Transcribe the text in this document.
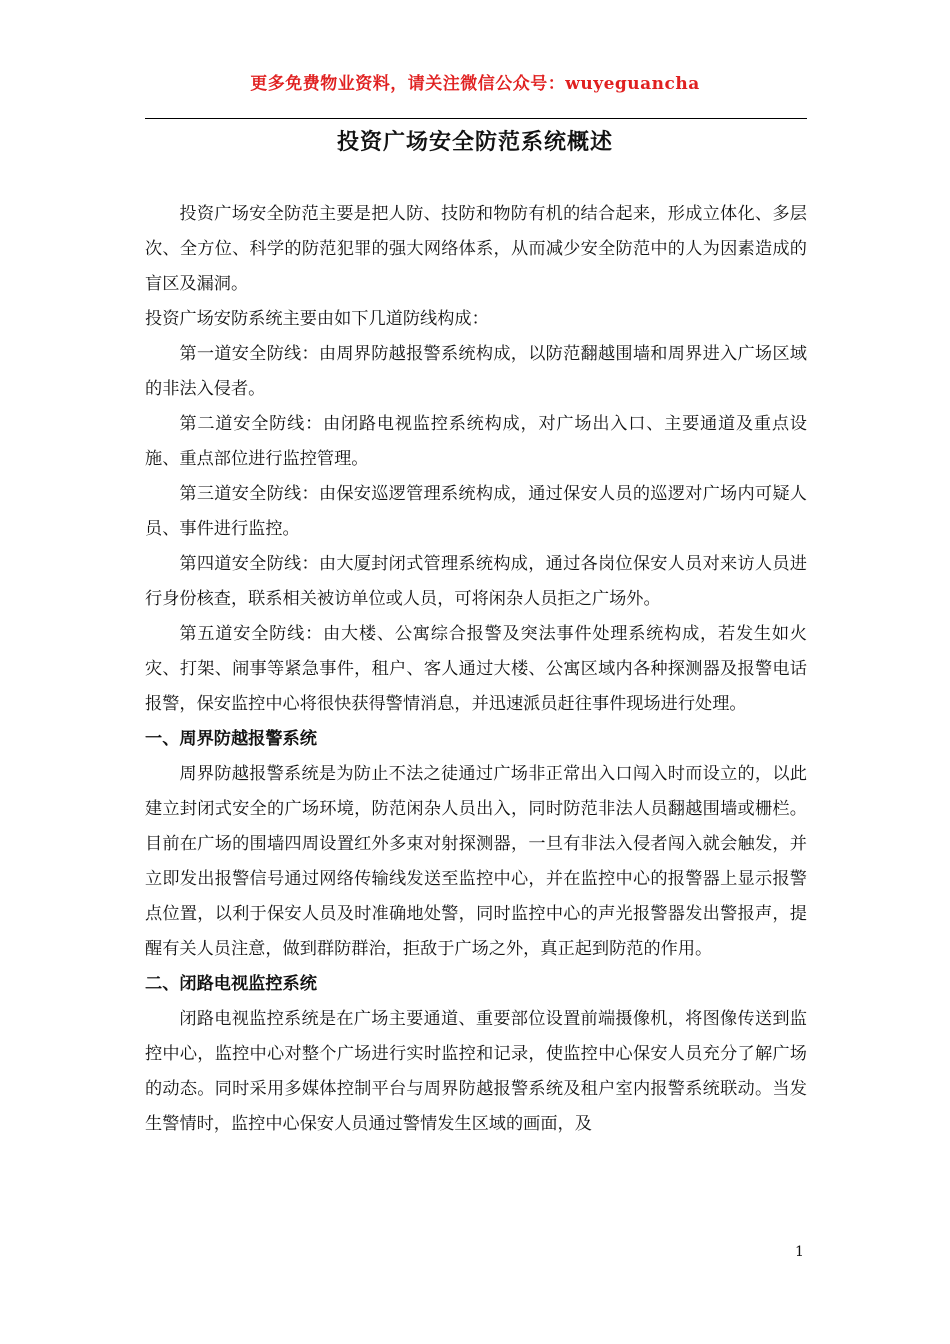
更多免费物业资料，请关注微信公众号：wuyeguancha
投资广场安全防范系统概述

投资广场安全防范主要是把人防、技防和物防有机的结合起来，形成立体化、多层次、全方位、科学的防范犯罪的强大网络体系，从而减少安全防范中的人为因素造成的盲区及漏洞。

投资广场安防系统主要由如下几道防线构成：

第一道安全防线：由周界防越报警系统构成，以防范翻越围墙和周界进入广场区域的非法入侵者。

第二道安全防线：由闭路电视监控系统构成，对广场出入口、主要通道及重点设施、重点部位进行监控管理。

第三道安全防线：由保安巡逻管理系统构成，通过保安人员的巡逻对广场内可疑人员、事件进行监控。

第四道安全防线：由大厦封闭式管理系统构成，通过各岗位保安人员对来访人员进行身份核查，联系相关被访单位或人员，可将闲杂人员拒之广场外。

第五道安全防线：由大楼、公寓综合报警及突法事件处理系统构成，若发生如火灾、打架、闹事等紧急事件，租户、客人通过大楼、公寓区域内各种探测器及报警电话报警，保安监控中心将很快获得警情消息，并迅速派员赶往事件现场进行处理。

一、周界防越报警系统

周界防越报警系统是为防止不法之徒通过广场非正常出入口闯入时而设立的，以此建立封闭式安全的广场环境，防范闲杂人员出入，同时防范非法人员翻越围墙或栅栏。目前在广场的围墙四周设置红外多束对射探测器，一旦有非法入侵者闯入就会触发，并立即发出报警信号通过网络传输线发送至监控中心，并在监控中心的报警器上显示报警点位置，以利于保安人员及时准确地处警，同时监控中心的声光报警器发出警报声，提醒有关人员注意，做到群防群治，拒敌于广场之外，真正起到防范的作用。

二、闭路电视监控系统

闭路电视监控系统是在广场主要通道、重要部位设置前端摄像机，将图像传送到监控中心，监控中心对整个广场进行实时监控和记录，使监控中心保安人员充分了解广场的动态。同时采用多媒体控制平台与周界防越报警系统及租户室内报警系统联动。当发生警情时，监控中心保安人员通过警情发生区域的画面，及

1
